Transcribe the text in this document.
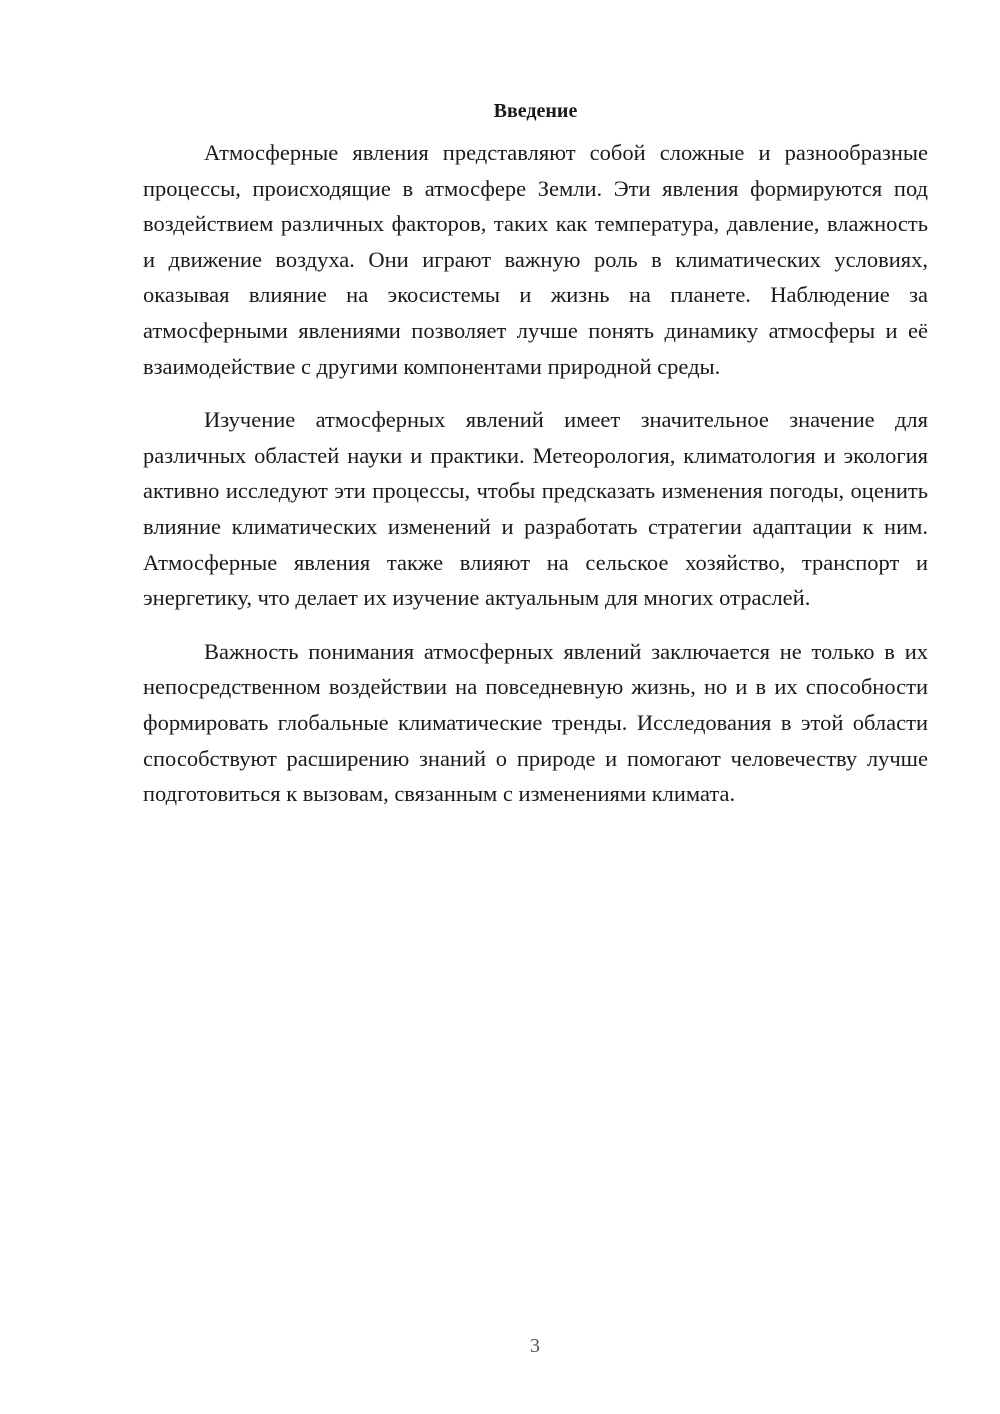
Введение

Атмосферные явления представляют собой сложные и разнообразные процессы, происходящие в атмосфере Земли. Эти явления формируются под воздействием различных факторов, таких как температура, давление, влажность и движение воздуха. Они играют важную роль в климатических условиях, оказывая влияние на экосистемы и жизнь на планете. Наблюдение за атмосферными явлениями позволяет лучше понять динамику атмосферы и её взаимодействие с другими компонентами природной среды.

Изучение атмосферных явлений имеет значительное значение для различных областей науки и практики. Метеорология, климатология и экология активно исследуют эти процессы, чтобы предсказать изменения погоды, оценить влияние климатических изменений и разработать стратегии адаптации к ним. Атмосферные явления также влияют на сельское хозяйство, транспорт и энергетику, что делает их изучение актуальным для многих отраслей.

Важность понимания атмосферных явлений заключается не только в их непосредственном воздействии на повседневную жизнь, но и в их способности формировать глобальные климатические тренды. Исследования в этой области способствуют расширению знаний о природе и помогают человечеству лучше подготовиться к вызовам, связанным с изменениями климата.

3
